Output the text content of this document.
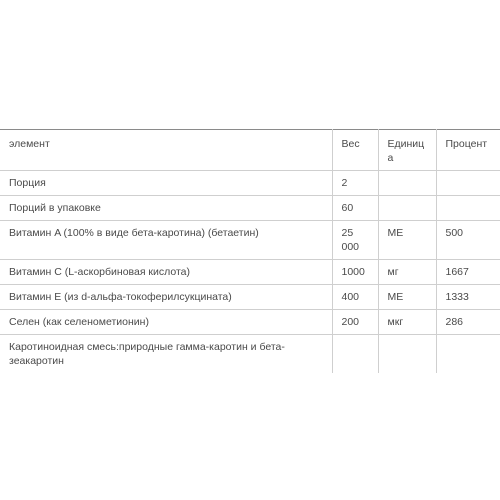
элемент	Вес	Единица	Процент
Порция	2		
Порций в упаковке	60		
Витамин A (100% в виде бета-каротина) (бетаетин)	25 000	МЕ	500
Витамин C (L-аскорбиновая кислота)	1000	мг	1667
Витамин E (из d-альфа-токоферилсукцината)	400	МЕ	1333
Селен (как селенометионин)	200	мкг	286
Каротиноидная смесь:природные гамма-каротин и бета-зеакаротин			
